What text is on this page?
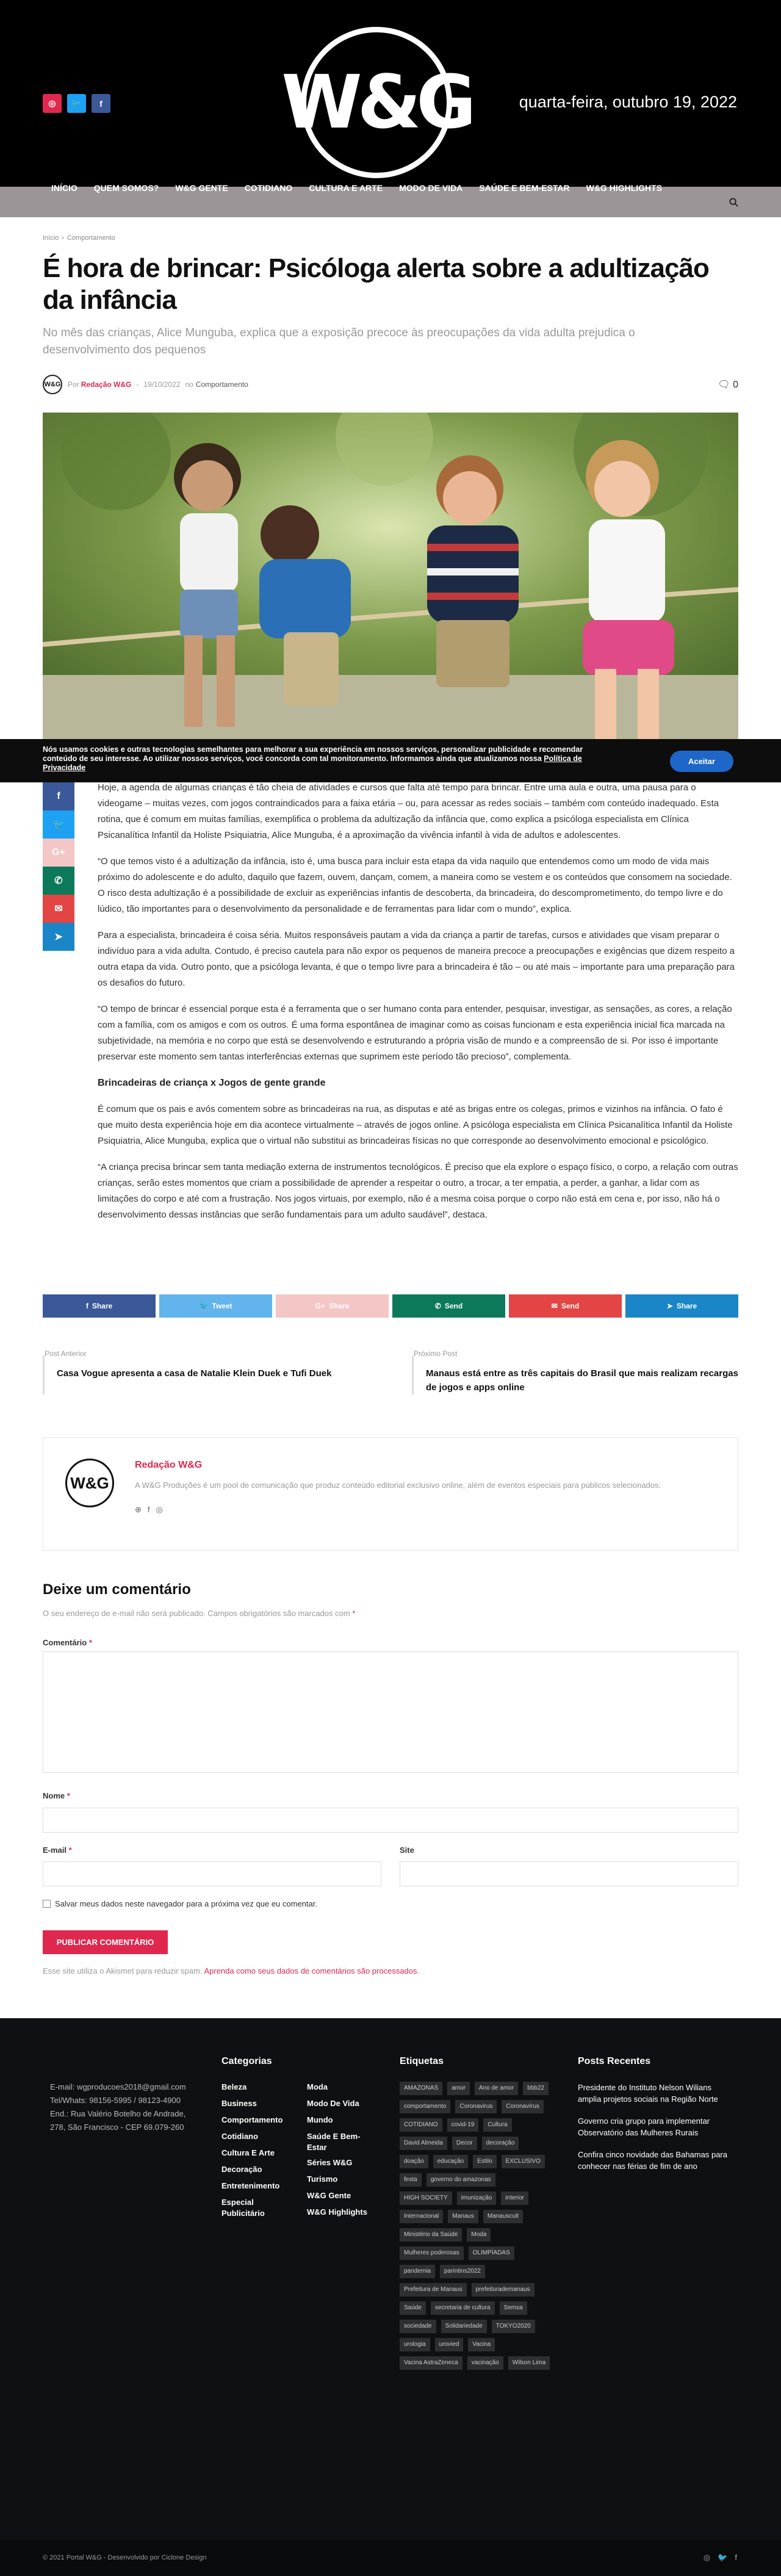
◎	🐦	f W&G	quarta-feira, outubro 19, 2022
INÍCIO QUEM SOMOS? W&G GENTE COTIDIANO CULTURA E ARTE MODO DE VIDA SAÚDE E BEM-ESTAR W&G HIGHLIGHTS
Início › Comportamento
É hora de brincar: Psicóloga alerta sobre a adultização da infância
No mês das crianças, Alice Munguba, explica que a exposição precoce às preocupações da vida adulta prejudica o desenvolvimento dos pequenos
W&G Por Redação W&G - 19/10/2022 no Comportamento	🗨︎ 0
Nós usamos cookies e outras tecnologias semelhantes para melhorar a sua experiência em nossos serviços, personalizar publicidade e recomendar conteúdo de seu interesse. Ao utilizar nossos serviços, você concorda com tal monitoramento. Informamos ainda que atualizamos nossa Política de Privacidade
Aceitar
f
🐦
G+
✆
✉
➤

Hoje, a agenda de algumas crianças é tão cheia de atividades e cursos que falta até tempo para brincar. Entre uma aula e outra, uma pausa para o videogame – muitas vezes, com jogos contraindicados para a faixa etária – ou, para acessar as redes sociais – também com conteúdo inadequado. Esta rotina, que é comum em muitas famílias, exemplifica o problema da adultização da infância que, como explica a psicóloga especialista em Clínica Psicanalítica Infantil da Holiste Psiquiatria, Alice Munguba, é a aproximação da vivência infantil à vida de adultos e adolescentes.

“O que temos visto é a adultização da infância, isto é, uma busca para incluir esta etapa da vida naquilo que entendemos como um modo de vida mais próximo do adolescente e do adulto, daquilo que fazem, ouvem, dançam, comem, a maneira como se vestem e os conteúdos que consomem na sociedade. O risco desta adultização é a possibilidade de excluir as experiências infantis de descoberta, da brincadeira, do descomprometimento, do tempo livre e do lúdico, tão importantes para o desenvolvimento da personalidade e de ferramentas para lidar com o mundo”, explica.

Para a especialista, brincadeira é coisa séria. Muitos responsáveis pautam a vida da criança a partir de tarefas, cursos e atividades que visam preparar o indivíduo para a vida adulta. Contudo, é preciso cautela para não expor os pequenos de maneira precoce a preocupações e exigências que dizem respeito a outra etapa da vida. Outro ponto, que a psicóloga levanta, é que o tempo livre para a brincadeira é tão – ou até mais – importante para uma preparação para os desafios do futuro.

“O tempo de brincar é essencial porque esta é a ferramenta que o ser humano conta para entender, pesquisar, investigar, as sensações, as cores, a relação com a família, com os amigos e com os outros. É uma forma espontânea de imaginar como as coisas funcionam e esta experiência inicial fica marcada na subjetividade, na memória e no corpo que está se desenvolvendo e estruturando a própria visão de mundo e a compreensão de si. Por isso é importante preservar este momento sem tantas interferências externas que suprimem este período tão precioso”, complementa.

Brincadeiras de criança x Jogos de gente grande

É comum que os pais e avós comentem sobre as brincadeiras na rua, as disputas e até as brigas entre os colegas, primos e vizinhos na infância. O fato é que muito desta experiência hoje em dia acontece virtualmente – através de jogos online. A psicóloga especialista em Clínica Psicanalítica Infantil da Holiste Psiquiatria, Alice Munguba, explica que o virtual não substitui as brincadeiras físicas no que corresponde ao desenvolvimento emocional e psicológico.

“A criança precisa brincar sem tanta mediação externa de instrumentos tecnológicos. É preciso que ela explore o espaço físico, o corpo, a relação com outras crianças, serão estes momentos que criam a possibilidade de aprender a respeitar o outro, a trocar, a ter empatia, a perder, a ganhar, a lidar com as limitações do corpo e até com a frustração. Nos jogos virtuais, por exemplo, não é a mesma coisa porque o corpo não está em cena e, por isso, não há o desenvolvimento dessas instâncias que serão fundamentais para um adulto saudável”, destaca.

f Share	🐦 Tweet	G+ Share	✆ Send	✉ Send	➤ Share
Post Anterior
Casa Vogue apresenta a casa de Natalie Klein Duek e Tufi Duek
Próximo Post
Manaus está entre as três capitais do Brasil que mais realizam recargas de jogos e apps online
W&G
Redação W&G
A W&G Produções é um pool de comunicação que produz conteúdo editorial exclusivo online, além de eventos especiais para públicos selecionados.
⊕ f ◎
Deixe um comentário
O seu endereço de e-mail não será publicado. Campos obrigatórios são marcados com *
Comentário *
Nome *
E-mail *	Site
Salvar meus dados neste navegador para a próxima vez que eu comentar.
PUBLICAR COMENTÁRIO
Esse site utiliza o Akismet para reduzir spam. Aprenda como seus dados de comentários são processados.
E-mail: wgproducoes2018@gmail.com
Tel/Whats: 98156-5995 / 98123-4900
End.: Rua Valério Botelho de Andrade,
278, São Francisco - CEP 69.079-260
Categorias
Beleza
Business
Comportamento
Cotidiano
Cultura E Arte
Decoração
Entretenimento
Especial Publicitário
Moda
Modo De Vida
Mundo
Saúde E Bem-Estar
Séries W&G
Turismo
W&G Gente
W&G Highlights
Etiquetas
AMAZONAS	amor	Ano de amor	bbb22
comportamento	Coronavirus	Coronavírus
COTIDIANO	covid-19	Cultura
David Almeida	Decor	decoração
doação	educação	Estilo	EXCLUSIVO
festa	governo do amazonas
HIGH SOCIETY	imunização	interior
Internacional	Manaus	Manauscult
Ministério da Saúde	Moda
Mulheres poderosas	OLIMPÍADAS
pandemia	parintins2022
Prefeitura de Manaus	prefeiturademanaus
Saúde	secretaria de cultura	Semsa
sociedade	Solidariedade	TOKYO2020
urologia	urovied	Vacina
Vacina AstraZeneca	vacinação	Wilson Lima
Posts Recentes
Presidente do Instituto Nelson Wilians amplia projetos sociais na Região Norte
Governo cria grupo para implementar Observatório das Mulheres Rurais
Confira cinco novidade das Bahamas para conhecer nas férias de fim de ano
© 2021 Portal W&G - Desenvolvido por Ciclone Design	◎ 🐦 f
